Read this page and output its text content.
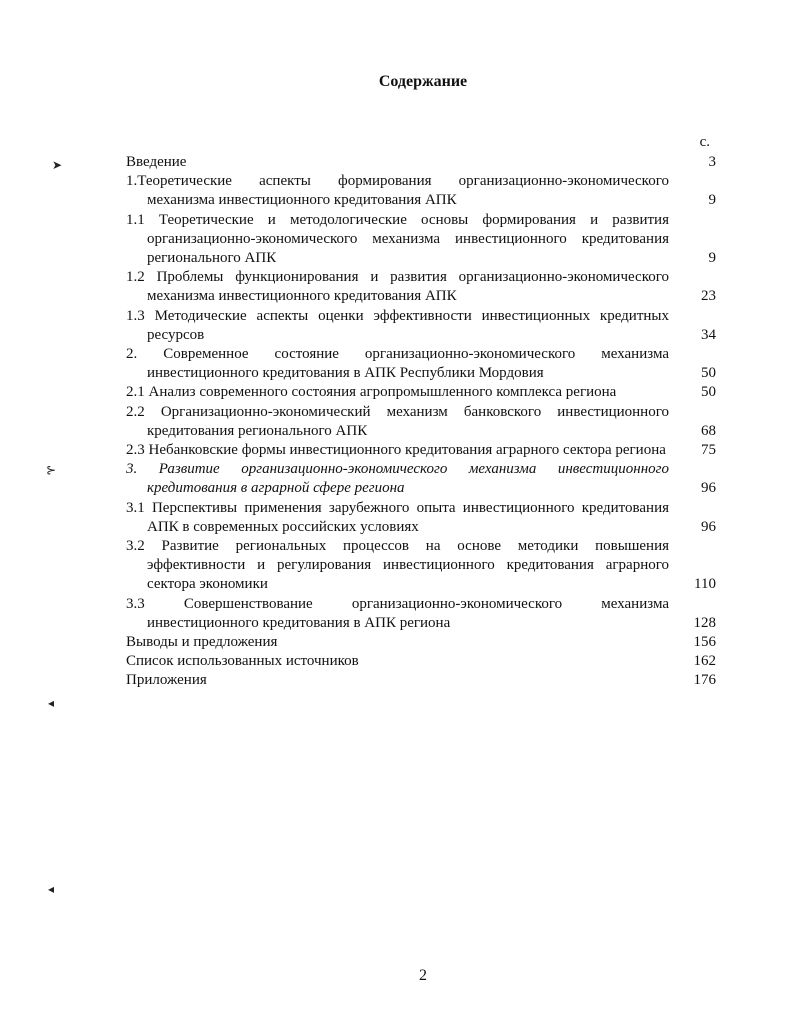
Содержание
с.
Введение	3
1.Теоретические аспекты формирования организационно-экономического механизма инвестиционного кредитования АПК	9
1.1 Теоретические и методологические основы формирования и развития организационно-экономического механизма инвестиционного кредитования регионального АПК	9
1.2 Проблемы функционирования и развития организационно-экономического механизма инвестиционного кредитования АПК	23
1.3 Методические аспекты оценки эффективности инвестиционных кредитных ресурсов	34
2. Современное состояние организационно-экономического механизма инвестиционного кредитования в АПК Республики Мордовия	50
2.1 Анализ современного состояния агропромышленного комплекса региона	50
2.2 Организационно-экономический механизм банковского инвестиционного кредитования регионального АПК	68
2.3 Небанковские формы инвестиционного кредитования аграрного сектора региона	75
3. Развитие организационно-экономического механизма инвестиционного кредитования в аграрной сфере региона	96
3.1 Перспективы применения зарубежного опыта инвестиционного кредитования АПК в современных российских условиях	96
3.2 Развитие региональных процессов на основе методики повышения эффективности и регулирования инвестиционного кредитования аграрного сектора экономики	110
3.3 Совершенствование организационно-экономического механизма инвестиционного кредитования в АПК региона	128
Выводы и предложения	156
Список использованных источников	162
Приложения	176
➤
⊱
◂
◂
2
